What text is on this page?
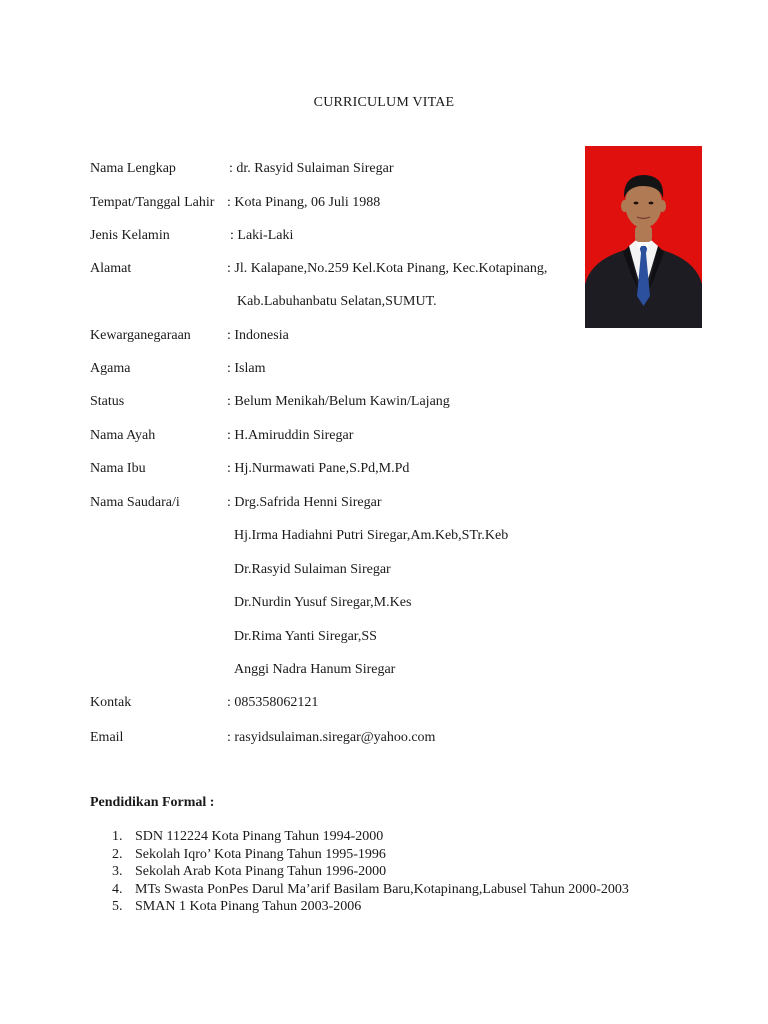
CURRICULUM VITAE
Nama Lengkap	: dr. Rasyid Sulaiman Siregar
Tempat/Tanggal Lahir : Kota Pinang, 06 Juli 1988
Jenis Kelamin	: Laki-Laki
Alamat	: Jl. Kalapane,No.259 Kel.Kota Pinang, Kec.Kotapinang,
Kab.Labuhanbatu Selatan,SUMUT.
Kewarganegaraan	: Indonesia
Agama	: Islam
Status	: Belum Menikah/Belum Kawin/Lajang
Nama Ayah	: H.Amiruddin Siregar
Nama Ibu	: Hj.Nurmawati Pane,S.Pd,M.Pd
Nama Saudara/i	: Drg.Safrida Henni Siregar
Hj.Irma Hadiahni Putri Siregar,Am.Keb,STr.Keb
Dr.Rasyid Sulaiman Siregar
Dr.Nurdin Yusuf Siregar,M.Kes
Dr.Rima Yanti Siregar,SS
Anggi Nadra Hanum Siregar
Kontak	: 085358062121
Email	: rasyidsulaiman.siregar@yahoo.com
Pendidikan Formal :
1. SDN 112224 Kota Pinang Tahun 1994-2000
2. Sekolah Iqro’ Kota Pinang Tahun 1995-1996
3. Sekolah Arab Kota Pinang Tahun 1996-2000
4. MTs Swasta PonPes Darul Ma’arif Basilam Baru,Kotapinang,Labusel Tahun 2000-2003
5. SMAN 1 Kota Pinang Tahun 2003-2006
